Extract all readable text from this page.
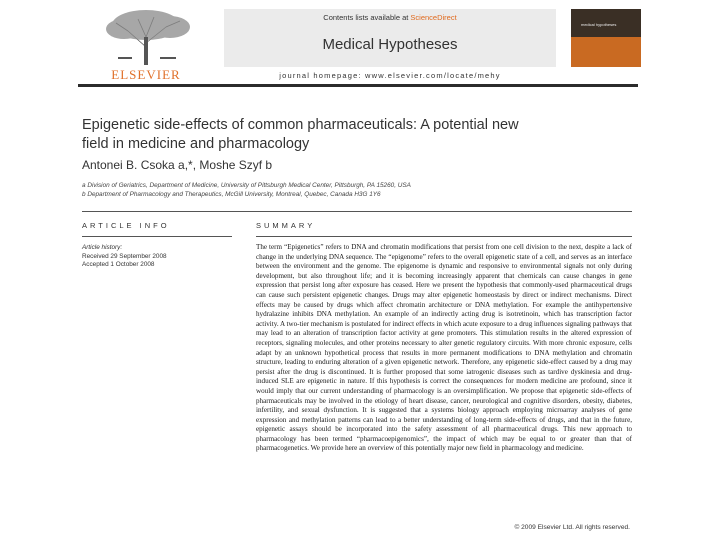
ELSEVIER
Contents lists available at ScienceDirect
Medical Hypotheses
journal homepage: www.elsevier.com/locate/mehy
medical hypotheses
Epigenetic side-effects of common pharmaceuticals: A potential new
field in medicine and pharmacology
Antonei B. Csoka a,*, Moshe Szyf b
a Division of Geriatrics, Department of Medicine, University of Pittsburgh Medical Center, Pittsburgh, PA 15260, USA
b Department of Pharmacology and Therapeutics, McGill University, Montreal, Quebec, Canada H3G 1Y6
ARTICLE INFO	SUMMARY
Article history:
Received 29 September 2008
Accepted 1 October 2008

The term “Epigenetics” refers to DNA and chromatin modifications that persist from one cell division to the next, despite a lack of change in the underlying DNA sequence. The “epigenome” refers to the overall epigenetic state of a cell, and serves as an interface between the environment and the genome. The epigenome is dynamic and responsive to environmental signals not only during development, but also throughout life; and it is becoming increasingly apparent that chemicals can cause changes in gene expression that persist long after exposure has ceased. Here we present the hypothesis that commonly-used pharmaceutical drugs can cause such persistent epigenetic changes. Drugs may alter epigenetic homeostasis by direct or indirect mechanisms. Direct effects may be caused by drugs which affect chromatin architecture or DNA methylation. For example the antihypertensive hydralazine inhibits DNA methylation. An example of an indirectly acting drug is isotretinoin, which has transcription factor activity. A two-tier mechanism is postulated for indirect effects in which acute exposure to a drug influences signaling pathways that may lead to an alteration of transcription factor activity at gene promoters. This stimulation results in the altered expression of receptors, signaling molecules, and other proteins necessary to alter genetic regulatory circuits. With more chronic exposure, cells adapt by an unknown hypothetical process that results in more permanent modifications to DNA methylation and chromatin structure, leading to enduring alteration of a given epigenetic network. Therefore, any epigenetic side-effect caused by a drug may persist after the drug is discontinued. It is further proposed that some iatrogenic diseases such as tardive dyskinesia and drug-induced SLE are epigenetic in nature. If this hypothesis is correct the consequences for modern medicine are profound, since it would imply that our current understanding of pharmacology is an oversimplification. We propose that epigenetic side-effects of pharmaceuticals may be involved in the etiology of heart disease, cancer, neurological and cognitive disorders, obesity, diabetes, infertility, and sexual dysfunction. It is suggested that a systems biology approach employing microarray analyses of gene expression and methylation patterns can lead to a better understanding of long-term side-effects of drugs, and that in the future, epigenetic assays should be incorporated into the safety assessment of all pharmaceutical drugs. This new approach to pharmacology has been termed “pharmacoepigenomics”, the impact of which may be equal to or greater than that of pharmacogenetics. We provide here an overview of this potentially major new field in pharmacology and medicine.

© 2009 Elsevier Ltd. All rights reserved.
